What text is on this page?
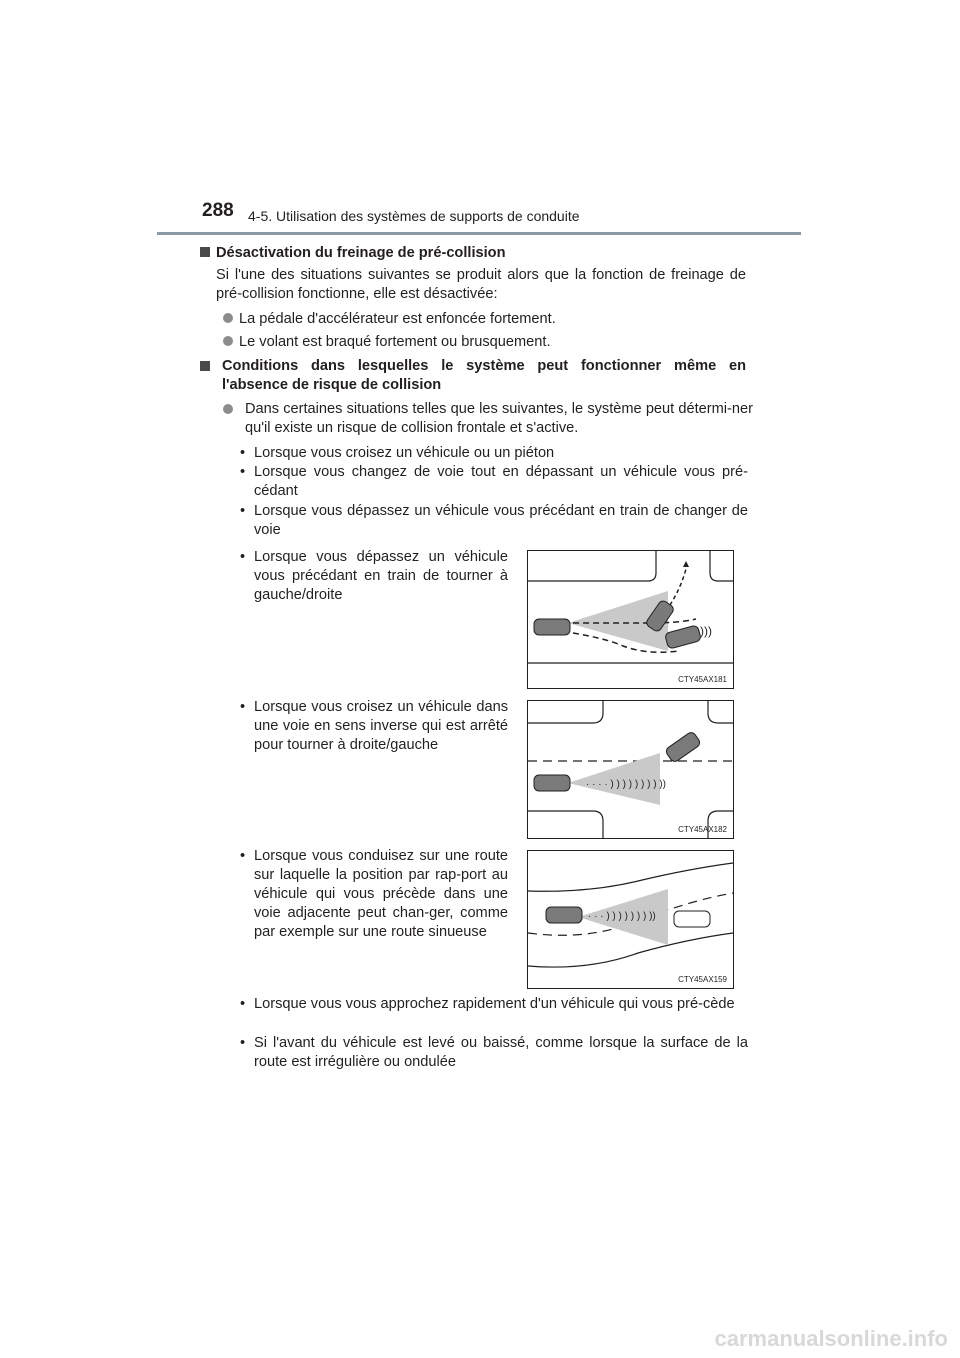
288 4-5. Utilisation des systèmes de supports de conduite
Désactivation du freinage de pré-collision
Si l'une des situations suivantes se produit alors que la fonction de freinage de pré-collision fonctionne, elle est désactivée:
La pédale d'accélérateur est enfoncée fortement.
Le volant est braqué fortement ou brusquement.
Conditions dans lesquelles le système peut fonctionner même en l'absence de risque de collision
Dans certaines situations telles que les suivantes, le système peut détermi-ner qu'il existe un risque de collision frontale et s'active.
• Lorsque vous croisez un véhicule ou un piéton
• Lorsque vous changez de voie tout en dépassant un véhicule vous pré-cédant
• Lorsque vous dépassez un véhicule vous précédant en train de changer de voie
• Lorsque vous dépassez un véhicule vous précédant en train de tourner à gauche/droite
• Lorsque vous croisez un véhicule dans une voie en sens inverse qui est arrêté pour tourner à droite/gauche
• Lorsque vous conduisez sur une route sur laquelle la position par rap-port au véhicule qui vous précède dans une voie adjacente peut chan-ger, comme par exemple sur une route sinueuse
)))
CTY45AX181
· · · · ) ) ) ) ) ) ) ) ))
CTY45AX182
· · · ) ) ) ) ) ) ) ))
CTY45AX159
• Lorsque vous vous approchez rapidement d'un véhicule qui vous pré-cède
• Si l'avant du véhicule est levé ou baissé, comme lorsque la surface de la route est irrégulière ou ondulée
carmanualsonline.info
